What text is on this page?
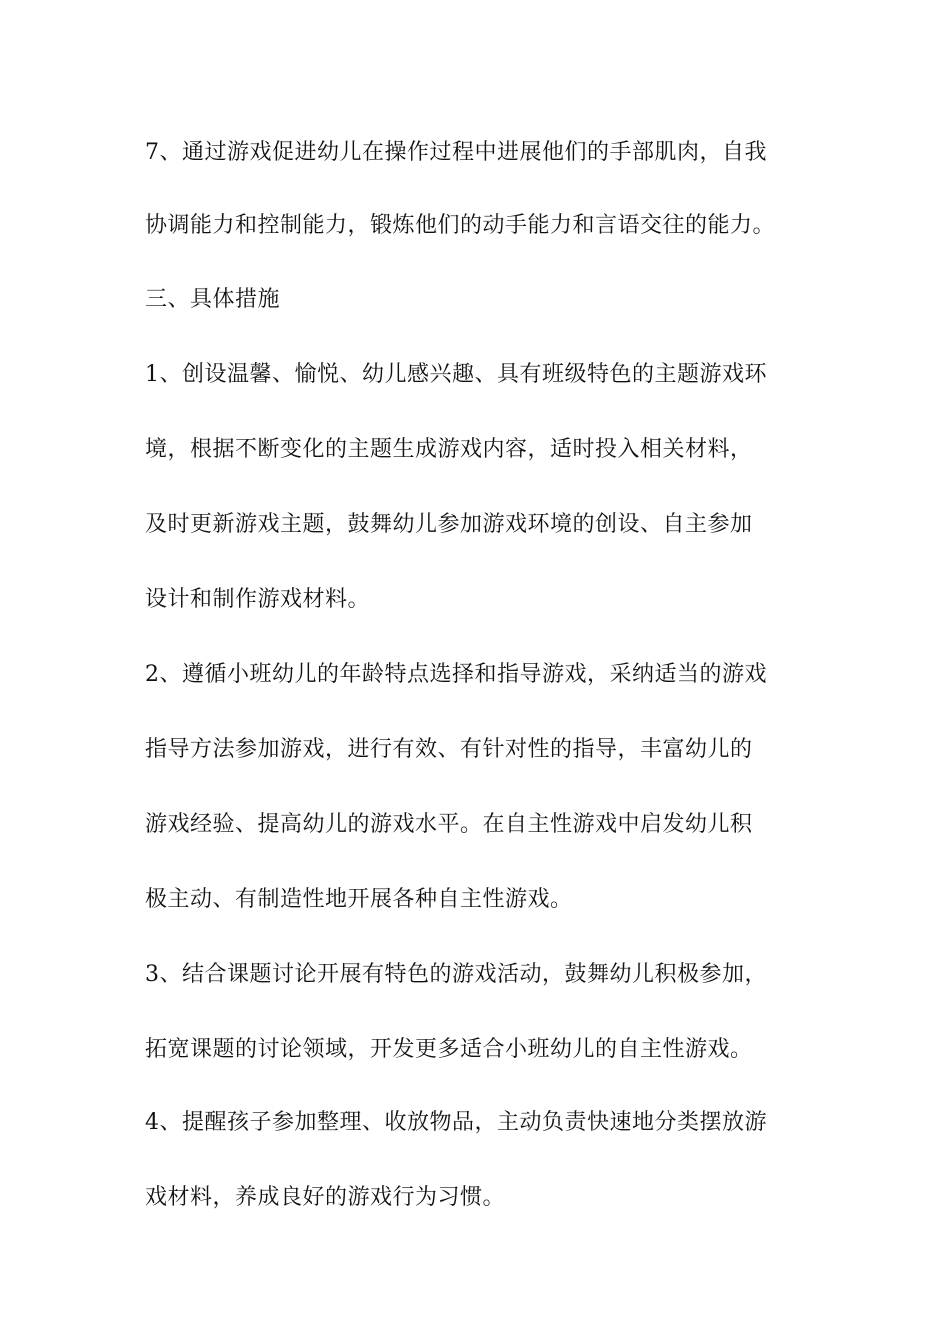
7、通过游戏促进幼儿在操作过程中进展他们的手部肌肉，自我
协调能力和控制能力，锻炼他们的动手能力和言语交往的能力。
三、具体措施
1、创设温馨、愉悦、幼儿感兴趣、具有班级特色的主题游戏环
境，根据不断变化的主题生成游戏内容，适时投入相关材料，
及时更新游戏主题，鼓舞幼儿参加游戏环境的创设、自主参加
设计和制作游戏材料。
2、遵循小班幼儿的年龄特点选择和指导游戏，采纳适当的游戏
指导方法参加游戏，进行有效、有针对性的指导，丰富幼儿的
游戏经验、提高幼儿的游戏水平。在自主性游戏中启发幼儿积
极主动、有制造性地开展各种自主性游戏。
3、结合课题讨论开展有特色的游戏活动，鼓舞幼儿积极参加，
拓宽课题的讨论领域，开发更多适合小班幼儿的自主性游戏。
4、提醒孩子参加整理、收放物品，主动负责快速地分类摆放游
戏材料，养成良好的游戏行为习惯。
